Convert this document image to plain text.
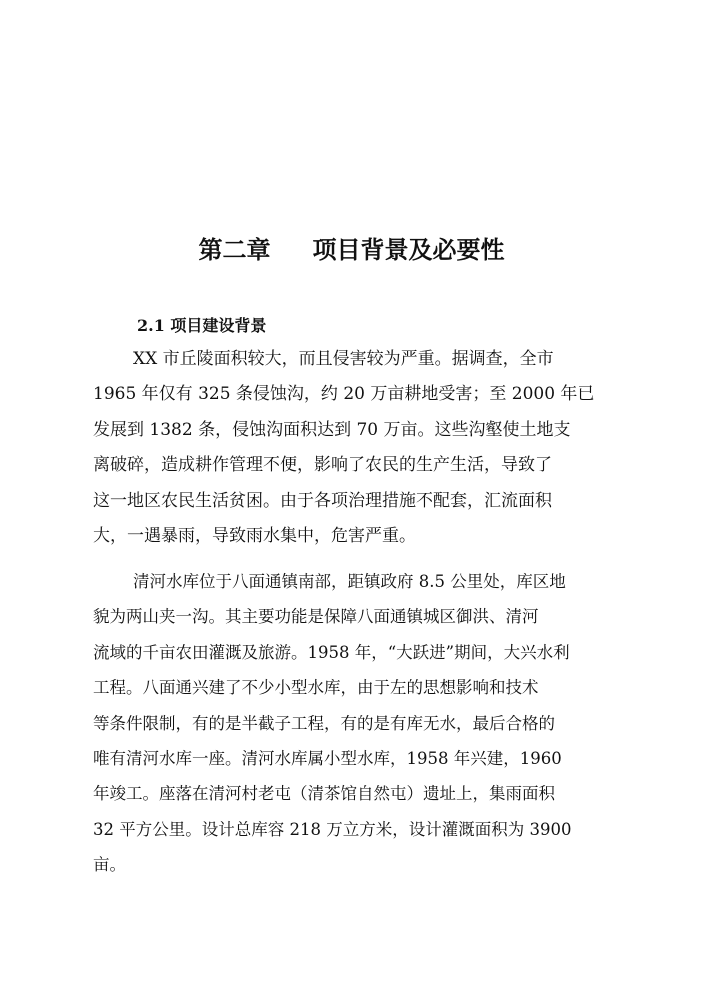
第二章 项目背景及必要性
2.1 项目建设背景
XX 市丘陵面积较大，而且侵害较为严重。据调查，全市
1965 年仅有 325 条侵蚀沟，约 20 万亩耕地受害；至 2000 年已
发展到 1382 条，侵蚀沟面积达到 70 万亩。这些沟壑使土地支
离破碎，造成耕作管理不便，影响了农民的生产生活，导致了
这一地区农民生活贫困。由于各项治理措施不配套，汇流面积
大，一遇暴雨，导致雨水集中，危害严重。
清河水库位于八面通镇南部，距镇政府 8.5 公里处，库区地
貌为两山夹一沟。其主要功能是保障八面通镇城区御洪、清河
流域的千亩农田灌溉及旅游。1958 年，“大跃进”期间，大兴水利
工程。八面通兴建了不少小型水库，由于左的思想影响和技术
等条件限制，有的是半截子工程，有的是有库无水，最后合格的
唯有清河水库一座。清河水库属小型水库，1958 年兴建，1960
年竣工。座落在清河村老屯（清茶馆自然屯）遗址上，集雨面积
32 平方公里。设计总库容 218 万立方米，设计灌溉面积为 3900
亩。
